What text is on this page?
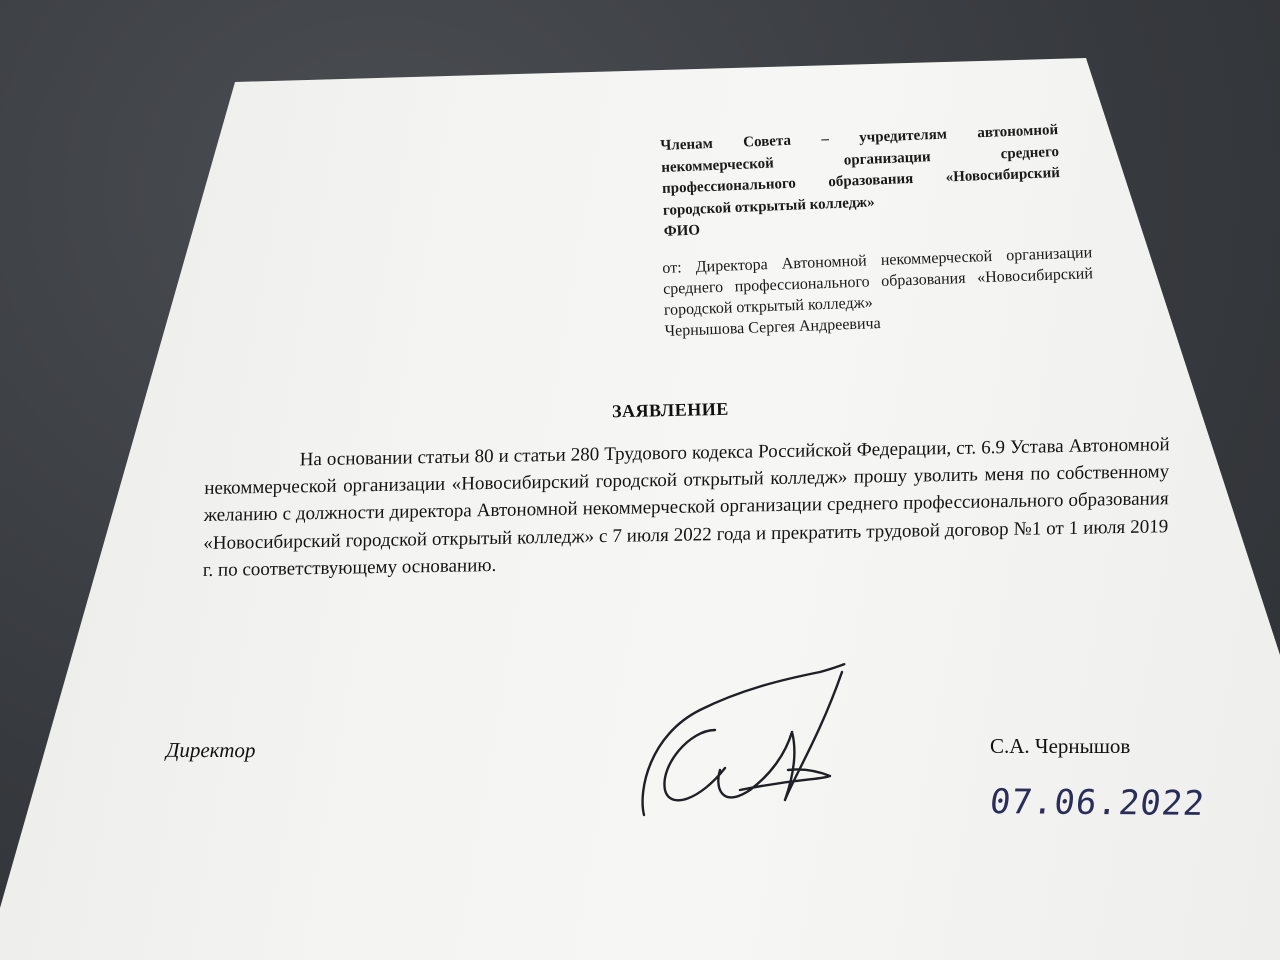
Членам Совета – учредителям автономной некоммерческой организации среднего профессионального образования «Новосибирский городской открытый колледж»
ФИО
от: Директора Автономной некоммерческой организации среднего профессионального образования «Новосибирский городской открытый колледж»
Чернышова Сергея Андреевича
ЗАЯВЛЕНИЕ
На основании статьи 80 и статьи 280 Трудового кодекса Российской Федерации, ст. 6.9 Устава Автономной некоммерческой организации «Новосибирский городской открытый колледж» прошу уволить меня по собственному желанию с должности директора Автономной некоммерческой организации среднего профессионального образования «Новосибирский городской открытый колледж» с 7 июля 2022 года и прекратить трудовой договор №1 от 1 июля 2019 г. по соответствующему основанию.
Директор	С.А. Чернышов
07.06.2022
